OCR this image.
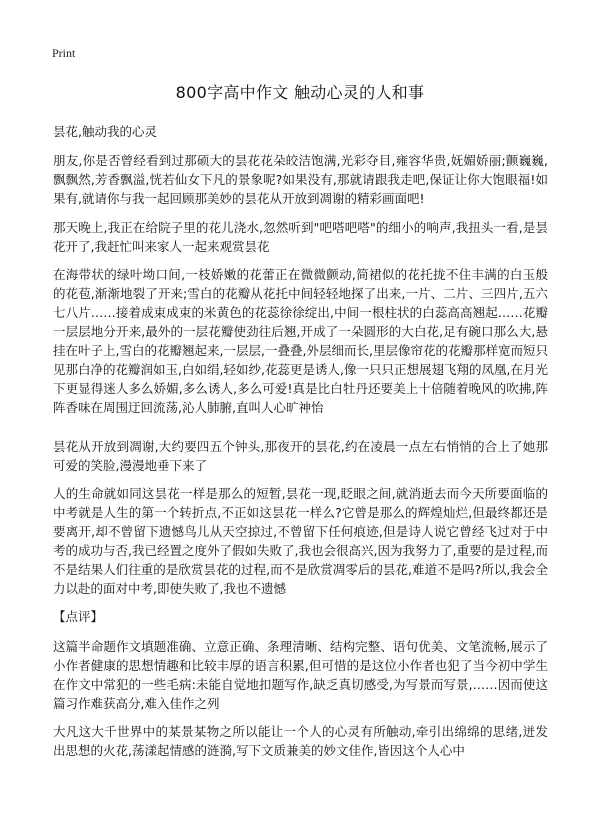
Print
800字高中作文 触动心灵的人和事

昙花,触动我的心灵

朋友,你是否曾经看到过那硕大的昙花花朵皎洁饱满,光彩夺目,雍容华贵,妩媚娇丽;颤巍巍,飘飘然,芳香飘溢,恍若仙女下凡的景象呢?如果没有,那就请跟我走吧,保证让你大饱眼福!如果有,就请你与我一起回顾那美妙的昙花从开放到凋谢的精彩画面吧!

那天晚上,我正在给院子里的花儿浇水,忽然听到"吧嗒吧嗒"的细小的响声,我扭头一看,是昙花开了,我赶忙叫来家人一起来观赏昙花

在海带状的绿叶坳口间,一枝娇嫩的花蕾正在微微颤动,简裙似的花托拢不住丰满的白玉般的花苞,渐渐地裂了开来;雪白的花瓣从花托中间轻轻地探了出来,一片、二片、三四片,五六七八片……接着成束成束的米黄色的花蕊徐徐绽出,中间一根柱状的白蕊高高翘起……花瓣一层层地分开来,最外的一层花瓣使劲往后翘,开成了一朵圆形的大白花,足有碗口那么大,悬挂在叶子上,雪白的花瓣翘起来,一层层,一叠叠,外层细而长,里层像帘花的花瓣那样宽而短只见那白净的花瓣润如玉,白如绢,轻如纱,花蕊更是诱人,像一只只正想展翅飞翔的凤凰,在月光下更显得迷人多么娇媚,多么诱人,多么可爱!真是比白牡丹还要美上十倍随着晚风的吹拂,阵阵香味在周围迂回流荡,沁人肺腑,直叫人心旷神怡

昙花从开放到凋谢,大约要四五个钟头,那夜开的昙花,约在凌晨一点左右悄悄的合上了她那可爱的笑脸,漫漫地垂下来了

人的生命就如同这昙花一样是那么的短暂,昙花一现,眨眼之间,就消逝去而今天所要面临的中考就是人生的第一个转折点,不正如这昙花一样么?它曾是那么的辉煌灿烂,但最终都还是要离开,却不曾留下遗憾鸟儿从天空掠过,不曾留下任何痕迹,但是诗人说它曾经飞过对于中考的成功与否,我已经置之度外了假如失败了,我也会很高兴,因为我努力了,重要的是过程,而不是结果人们往重的是欣赏昙花的过程,而不是欣赏凋零后的昙花,难道不是吗?所以,我会全力以赴的面对中考,即使失败了,我也不遗憾

【点评】

这篇半命题作文填题准确、立意正确、条理清晰、结构完整、语句优美、文笔流畅,展示了小作者健康的思想情趣和比较丰厚的语言积累,但可惜的是这位小作者也犯了当今初中学生在作文中常犯的一些毛病:未能自觉地扣题写作,缺乏真切感受,为写景而写景,……因而使这篇习作难获高分,难入佳作之列

大凡这大千世界中的某景某物之所以能让一个人的心灵有所触动,牵引出绵绵的思绪,迸发出思想的火花,荡漾起情感的涟漪,写下文质兼美的妙文佳作,皆因这个人心中
